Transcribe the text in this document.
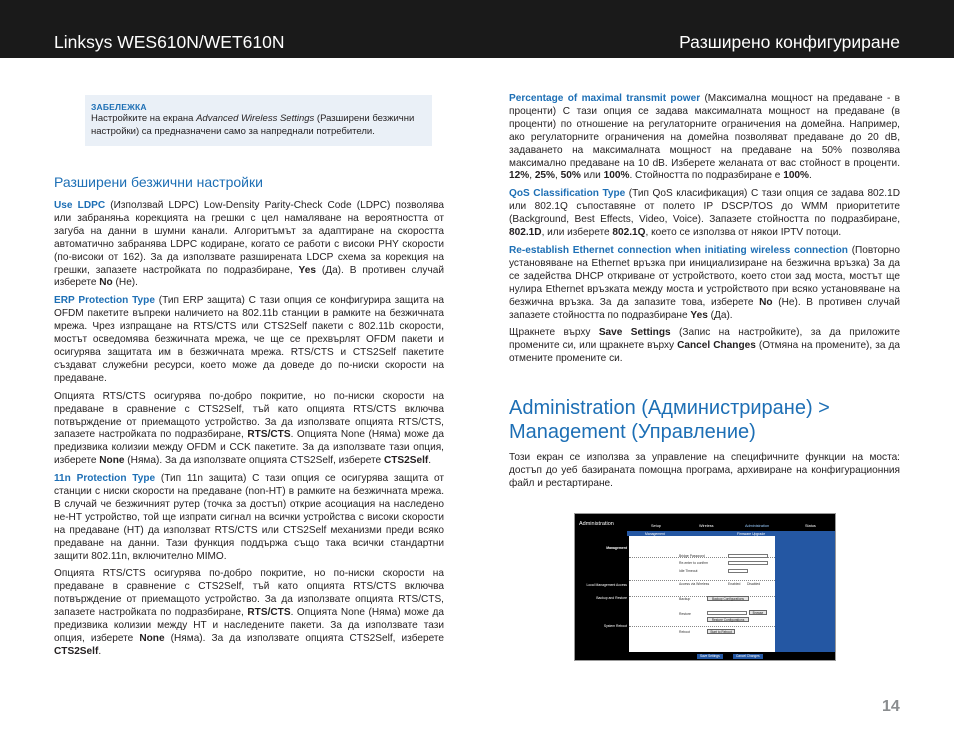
Linksys WES610N/WET610N	Разширено конфигуриране
ЗАБЕЛЕЖКА
Настройките на екрана Advanced Wireless Settings (Разширени безжични настройки) са предназначени само за напреднали потребители.
Разширени безжични настройки

Use LDPC (Използвай LDPC) Low-Density Parity-Check Code (LDPC) позволява или забраняња корекцията на грешки с цел намаляване на вероятността от загуба на данни в шумни канали. Алгоритъмът за адаптиране на скоростта автоматично забранява LDPC кодиране, когато се работи с високи PHY скорости (по-високи от 162). За да използвате разширената LDCP схема за корекция на грешки, запазете настройката по подразбиране, Yes (Да). В противен случай изберете No (Не).

ERP Protection Type (Тип ERP защита) С тази опция се конфигурира защита на OFDM пакетите въпреки наличието на 802.11b станции в рамките на безжичната мрежа. Чрез изпращане на RTS/CTS или CTS2Self пакети с 802.11b скорости, мостът осведомява безжичната мрежа, че ще се прехвърлят OFDM пакети и осигурява защитата им в безжичната мрежа. RTS/CTS и CTS2Self пакетите създават служебни ресурси, което може да доведе до по-ниски скорости на предаване.

Опцията RTS/CTS осигурява по-добро покритие, но по-ниски скорости на предаване в сравнение с CTS2Self, тъй като опцията RTS/CTS включва потвърждение от приемащото устройство. За да използвате опцията RTS/CTS, запазете настройката по подразбиране, RTS/CTS. Опцията None (Няма) може да предизвика колизии между OFDM и CCK пакетите. За да използвате тази опция, изберете None (Няма). За да използвате опцията CTS2Self, изберете CTS2Self.

11n Protection Type (Тип 11n защита) С тази опция се осигурява защита от станции с ниски скорости на предаване (non-HT) в рамките на безжичната мрежа. В случай че безжичният рутер (точка за достъп) открие асоциация на наследено не-HT устройство, той ще изпрати сигнал на всички устройства с високи скорости на предаване (HT) да използват RTS/CTS или CTS2Self механизми преди всяко предаване на данни. Тази функция поддържа също така всички стандартни защити 802.11n, включително MIMO.

Опцията RTS/CTS осигурява по-добро покритие, но по-ниски скорости на предаване в сравнение с CTS2Self, тъй като опцията RTS/CTS включва потвърждение от приемащото устройство. За да използвате опцията RTS/CTS, запазете настройката по подразбиране, RTS/CTS. Опцията None (Няма) може да предизвика колизии между HT и наследените пакети. За да използвате тази опция, изберете None (Няма). За да използвате опцията CTS2Self, изберете CTS2Self.

Percentage of maximal transmit power (Максимална мощност на предаване - в проценти) С тази опция се задава максималната мощност на предаване (в проценти) по отношение на регулаторните ограничения на домейна. Например, ако регулаторните ограничения на домейна позволяват предаване до 20 dB, задаването на максималната мощност на предаване на 50% позволява максимално предаване на 10 dB. Изберете желаната от вас стойност в проценти. 12%, 25%, 50% или 100%. Стойността по подразбиране е 100%.

QoS Classification Type (Тип QoS класификация) С тази опция се задава 802.1D или 802.1Q съпоставяне от полето IP DSCP/TOS до WMM приоритетите (Background, Best Effects, Video, Voice). Запазете стойността по подразбиране, 802.1D, или изберете 802.1Q, което се използва от някои IPTV потоци.

Re-establish Ethernet connection when initiating wireless connection (Повторно установяване на Ethernet връзка при инициализиране на безжична връзка) За да се задейства DHCP откриване от устройството, което стои зад моста, мостът ще нулира Ethernet връзката между моста и устройството при всяко установяване на безжична връзка. За да запазите това, изберете No (Не). В противен случай запазете стойността по подразбиране Yes (Да).

Щракнете върху Save Settings (Запис на настройките), за да приложите промените си, или щракнете върху Cancel Changes (Отмяна на промените), за да отмените промените си.

Administration (Администриране) > Management (Управление)

Този екран се използва за управление на специфичните функции на моста: достъп до уеб базираната помощна програма, архивиране на конфигурационния файл и рестартиране.

Administration	Setup	Wireless	Administration	Status
Management	Firmware Upgrade
Management
Local Management Access
Backup and Restore
System Reboot
Bridge Password
Re-enter to confirm
Idle Timeout
Access via Wireless	Enabled Disabled
Backup	Backup Configurations
Restore	Browse
Restore Configurations
Reboot	Start to Reboot
Save Settings	Cancel Changes
14
